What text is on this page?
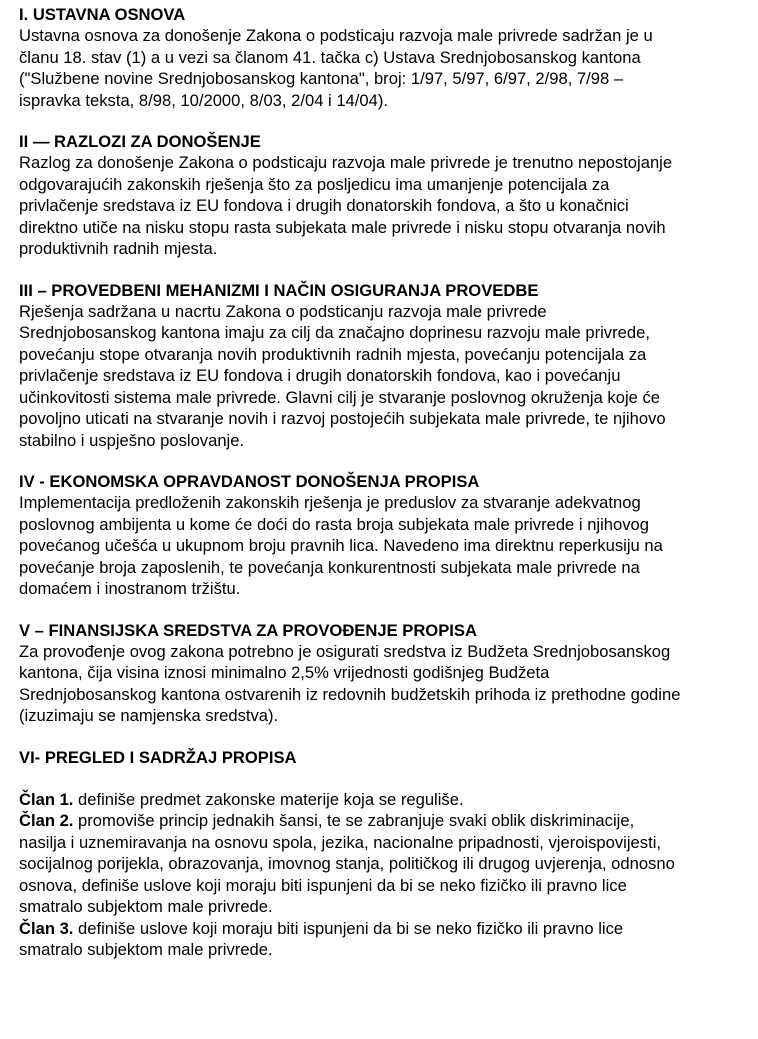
I. USTAVNA OSNOVA
Ustavna osnova za donošenje Zakona o podsticaju razvoja male privrede sadržan je u
članu 18. stav (1) a u vezi sa članom 41. tačka c) Ustava Srednjobosanskog kantona
("Službene novine Srednjobosanskog kantona", broj: 1/97, 5/97, 6/97, 2/98, 7/98 –
ispravka teksta, 8/98, 10/2000, 8/03, 2/04 i 14/04).
II — RAZLOZI ZA DONOŠENJE
Razlog za donošenje Zakona o podsticaju razvoja male privrede je trenutno nepostojanje
odgovarajućih zakonskih rješenja što za posljedicu ima umanjenje potencijala za
privlačenje sredstava iz EU fondova i drugih donatorskih fondova, a što u konačnici
direktno utiče na nisku stopu rasta subjekata male privrede i nisku stopu otvaranja novih
produktivnih radnih mjesta.
III – PROVEDBENI MEHANIZMI I NAČIN OSIGURANJA PROVEDBE
Rješenja sadržana u nacrtu Zakona o podsticanju razvoja male privrede
Srednjobosanskog kantona imaju za cilj da značajno doprinesu razvoju male privrede,
povećanju stope otvaranja novih produktivnih radnih mjesta, povećanju potencijala za
privlačenje sredstava iz EU fondova i drugih donatorskih fondova, kao i povećanju
učinkovitosti sistema male privrede. Glavni cilj je stvaranje poslovnog okruženja koje će
povoljno uticati na stvaranje novih i razvoj postojećih subjekata male privrede, te njihovo
stabilno i uspješno poslovanje.
IV - EKONOMSKA OPRAVDANOST DONOŠENJA PROPISA
Implementacija predloženih zakonskih rješenja je preduslov za stvaranje adekvatnog
poslovnog ambijenta u kome će doći do rasta broja subjekata male privrede i njihovog
povećanog učešća u ukupnom broju pravnih lica. Navedeno ima direktnu reperkusiju na
povećanje broja zaposlenih, te povećanja konkurentnosti subjekata male privrede na
domaćem i inostranom tržištu.
V – FINANSIJSKA SREDSTVA ZA PROVOĐENJE PROPISA
Za provođenje ovog zakona potrebno je osigurati sredstva iz Budžeta Srednjobosanskog
kantona, čija visina iznosi minimalno 2,5% vrijednosti godišnjeg Budžeta
Srednjobosanskog kantona ostvarenih iz redovnih budžetskih prihoda iz prethodne godine
(izuzimaju se namjenska sredstva).
VI- PREGLED I SADRŽAJ PROPISA
Član 1. definiše predmet zakonske materije koja se reguliše.
Član 2. promoviše princip jednakih šansi, te se zabranjuje svaki oblik diskriminacije,
nasilja i uznemiravanja na osnovu spola, jezika, nacionalne pripadnosti, vjeroispovijesti,
socijalnog porijekla, obrazovanja, imovnog stanja, političkog ili drugog uvjerenja, odnosno
osnova, definiše uslove koji moraju biti ispunjeni da bi se neko fizičko ili pravno lice
smatralo subjektom male privrede.
Član 3. definiše uslove koji moraju biti ispunjeni da bi se neko fizičko ili pravno lice
smatralo subjektom male privrede.
